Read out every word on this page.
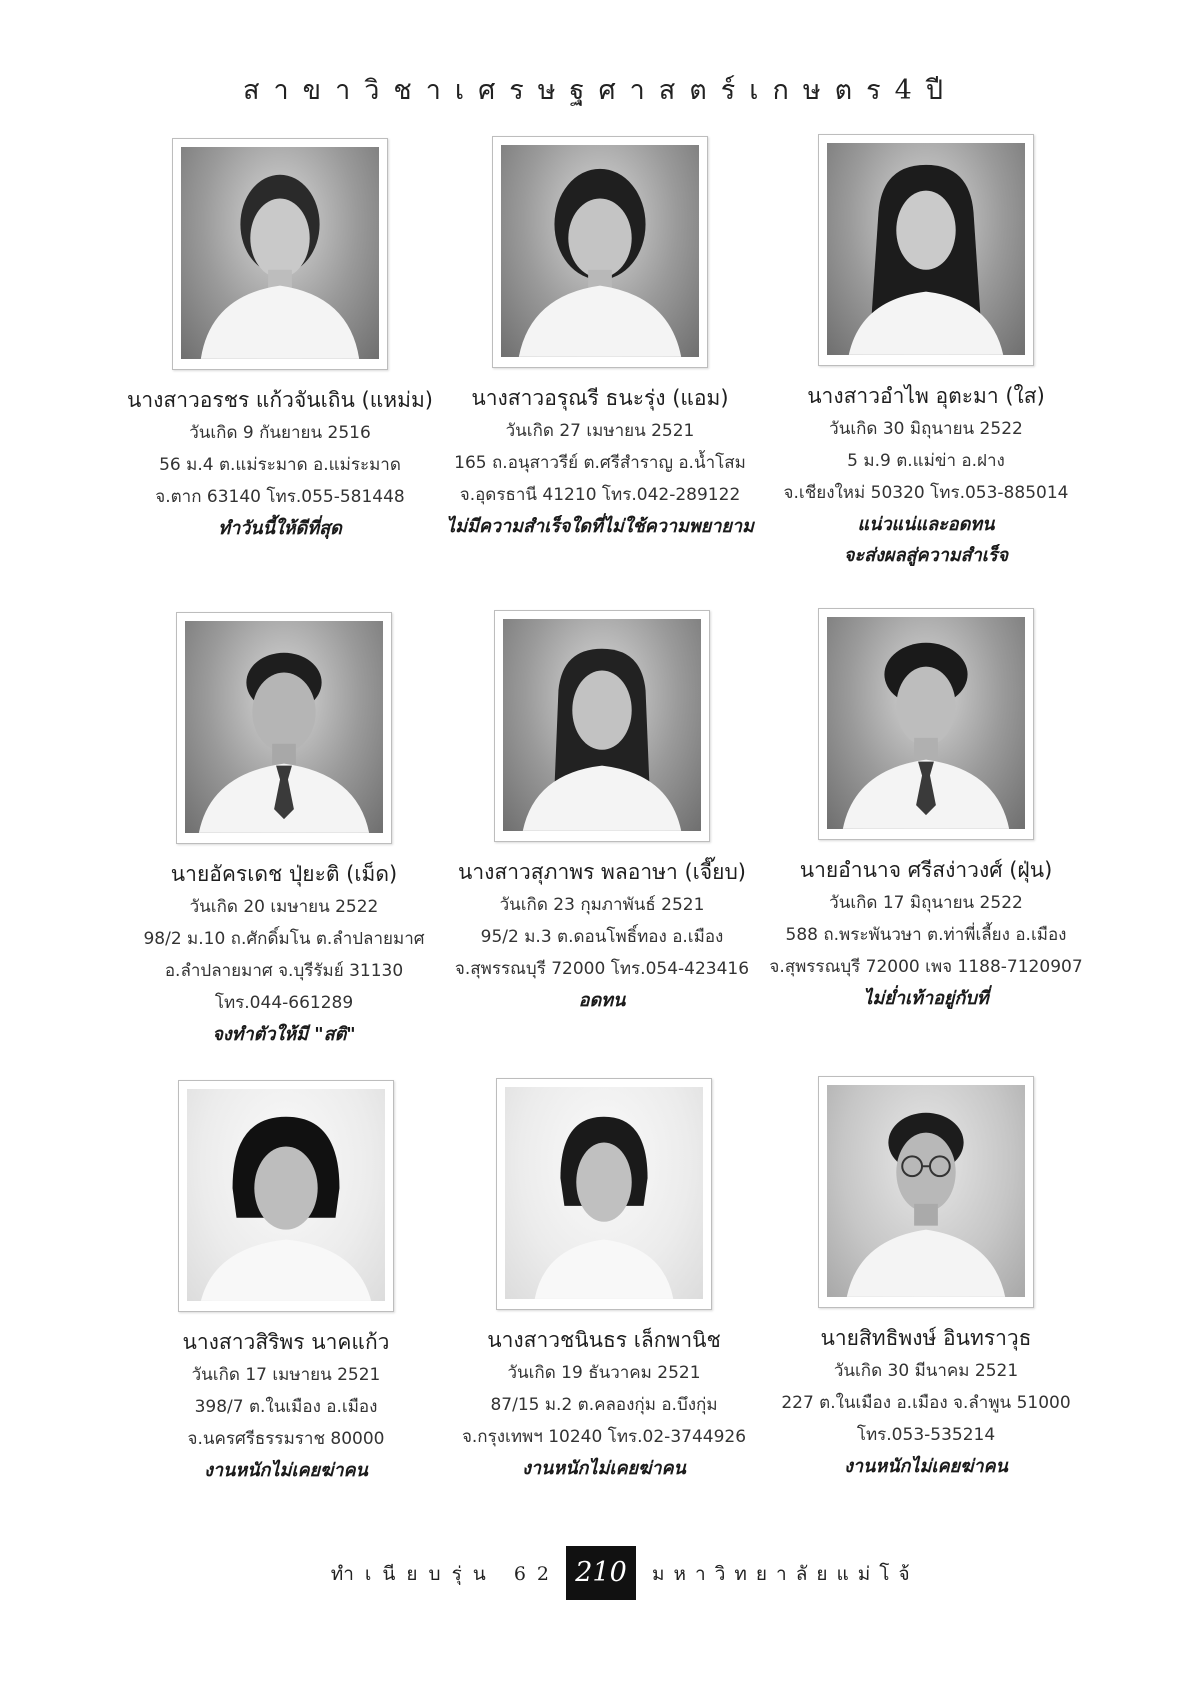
สาขาวิชาเศรษฐศาสตร์เกษตร4ปี
นางสาวอรชร แก้วจันเถิน (แหม่ม)
วันเกิด 9 กันยายน 2516
56 ม.4 ต.แม่ระมาด อ.แม่ระมาด
จ.ตาก 63140 โทร.055-581448
ทำวันนี้ให้ดีที่สุด
นางสาวอรุณรี ธนะรุ่ง (แอม)
วันเกิด 27 เมษายน 2521
165 ถ.อนุสาวรีย์ ต.ศรีสำราญ อ.น้ำโสม
จ.อุดรธานี 41210 โทร.042-289122
ไม่มีความสำเร็จใดที่ไม่ใช้ความพยายาม
นางสาวอำไพ อุตะมา (ใส)
วันเกิด 30 มิถุนายน 2522
5 ม.9 ต.แม่ข่า อ.ฝาง
จ.เชียงใหม่ 50320 โทร.053-885014
แน่วแน่และอดทน
จะส่งผลสู่ความสำเร็จ
นายอัครเดช ปุ่ยะติ (เม็ด)
วันเกิด 20 เมษายน 2522
98/2 ม.10 ถ.ศักดิ์มโน ต.ลำปลายมาศ
อ.ลำปลายมาศ จ.บุรีรัมย์ 31130
โทร.044-661289
จงทำตัวให้มี "สติ"
นางสาวสุภาพร พลอาษา (เจี๊ยบ)
วันเกิด 23 กุมภาพันธ์ 2521
95/2 ม.3 ต.ดอนโพธิ์ทอง อ.เมือง
จ.สุพรรณบุรี 72000 โทร.054-423416
อดทน
นายอำนาจ ศรีสง่าวงศ์ (ฝุ่น)
วันเกิด 17 มิถุนายน 2522
588 ถ.พระพันวษา ต.ท่าพี่เลี้ยง อ.เมือง
จ.สุพรรณบุรี 72000 เพจ 1188-7120907
ไม่ย่ำเท้าอยู่กับที่
นางสาวสิริพร นาคแก้ว
วันเกิด 17 เมษายน 2521
398/7 ต.ในเมือง อ.เมือง
จ.นครศรีธรรมราช 80000
งานหนักไม่เคยฆ่าคน
นางสาวชนินธร เล็กพานิช
วันเกิด 19 ธันวาคม 2521
87/15 ม.2 ต.คลองกุ่ม อ.บึงกุ่ม
จ.กรุงเทพฯ 10240 โทร.02-3744926
งานหนักไม่เคยฆ่าคน
นายสิทธิพงษ์ อินทราวุธ
วันเกิด 30 มีนาคม 2521
227 ต.ในเมือง อ.เมือง จ.ลำพูน 51000
โทร.053-535214
งานหนักไม่เคยฆ่าคน
ทำเนียบรุ่น 62 210	มหาวิทยาลัยแม่โจ้
